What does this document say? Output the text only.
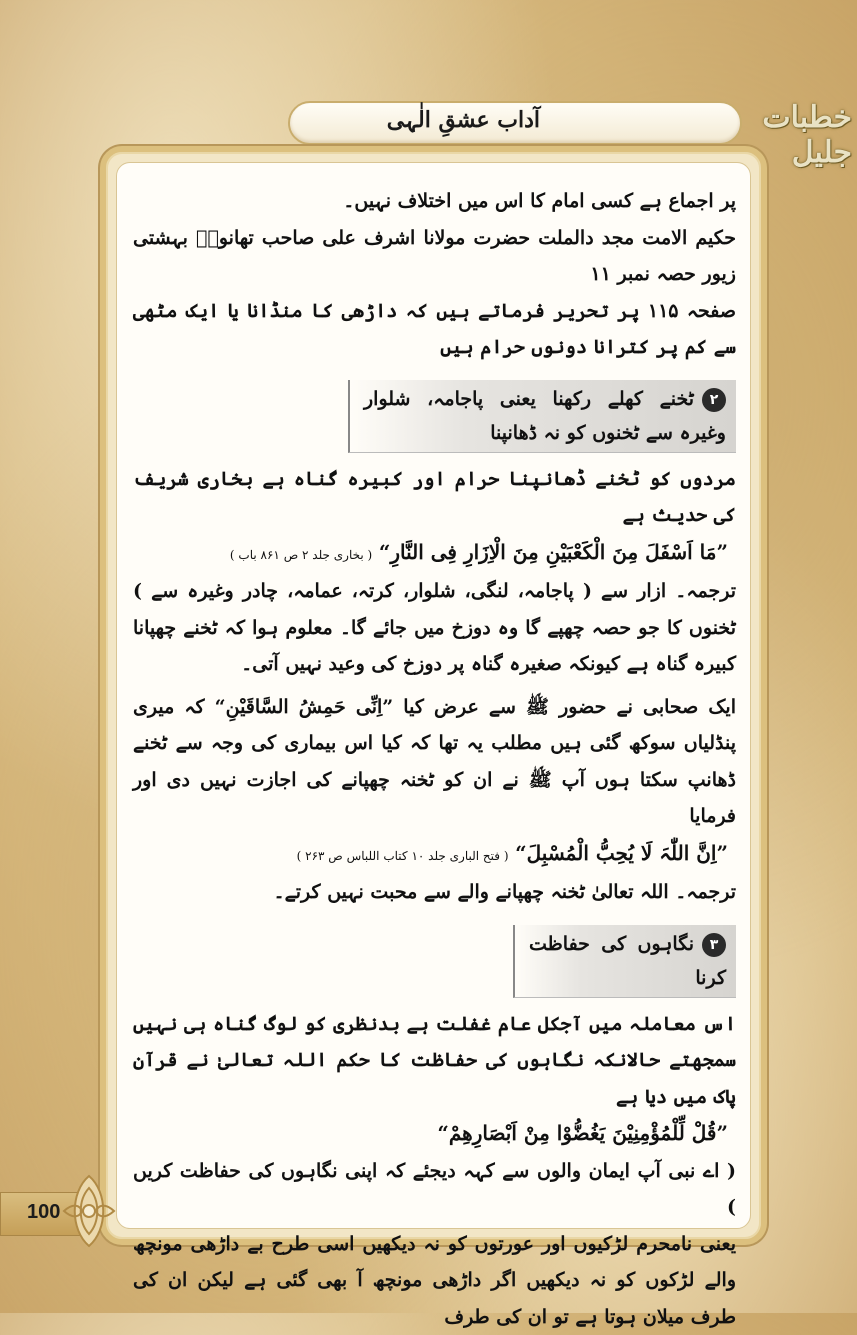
آداب عشقِ الٰہی	خطبات جلیل

پر اجماع ہے کسی امام کا اس میں اختلاف نہیں۔

حکیم الامت مجد دالملت حضرت مولانا اشرف علی صاحب تھانویؒ بہشتی زیور حصہ نمبر ۱۱

صفحہ ۱۱۵ پر تحریر فرماتے ہیں کہ داڑھی کا منڈانا یا ایک مٹھی سے کم پر کترانا دونوں حرام ہیں

۲ٹخنے کھلے رکھنا یعنی پاجامہ، شلوار وغیرہ سے ٹخنوں کو نہ ڈھانپنا

مردوں کو ٹخنے ڈھانپنا حرام اور کبیرہ گناہ ہے بخاری شریف کی حدیث ہے

”مَا اَسْفَلَ مِنَ الْکَعْبَیْنِ مِنَ الْاِزَارِ فِی النَّارِ“ ( بخاری جلد ۲ ص ۸۶۱ باب )

ترجمہ۔ ازار سے ( پاجامہ، لنگی، شلوار، کرتہ، عمامہ، چادر وغیرہ سے ) ٹخنوں کا جو حصہ چھپے گا وہ دوزخ میں جائے گا۔ معلوم ہوا کہ ٹخنے چھپانا کبیرہ گناہ ہے کیونکہ صغیرہ گناہ پر دوزخ کی وعید نہیں آتی۔

ایک صحابی نے حضور ﷺ سے عرض کیا ”اِنِّی حَمِشُ السَّاقَیْنِ“ کہ میری پنڈلیاں سوکھ گئی ہیں مطلب یہ تھا کہ کیا اس بیماری کی وجہ سے ٹخنے ڈھانپ سکتا ہوں آپ ﷺ نے ان کو ٹخنہ چھپانے کی اجازت نہیں دی اور فرمایا

”اِنَّ اللّٰہَ لَا یُحِبُّ الْمُسْبِلَ“ ( فتح الباری جلد ۱۰ کتاب اللباس ص ۲۶۳ )

ترجمہ۔ اللہ تعالیٰ ٹخنہ چھپانے والے سے محبت نہیں کرتے۔

۳نگاہوں کی حفاظت کرنا

اس معاملہ میں آجکل عام غفلت ہے بدنظری کو لوگ گناہ ہی نہیں سمجھتے حالانکہ نگاہوں کی حفاظت کا حکم اللہ تعالیٰ نے قرآن پاک میں دیا ہے

”قُلْ لِّلْمُؤْمِنِیْنَ یَغُضُّوْا مِنْ اَبْصَارِهِمْ“

( اے نبی آپ ایمان والوں سے کہہ دیجئے کہ اپنی نگاہوں کی حفاظت کریں )

یعنی نامحرم لڑکیوں اور عورتوں کو نہ دیکھیں اسی طرح بے داڑھی مونچھ والے لڑکوں کو نہ دیکھیں اگر داڑھی مونچھ آ بھی گئی ہے لیکن ان کی طرف میلان ہوتا ہے تو ان کی طرف

100
